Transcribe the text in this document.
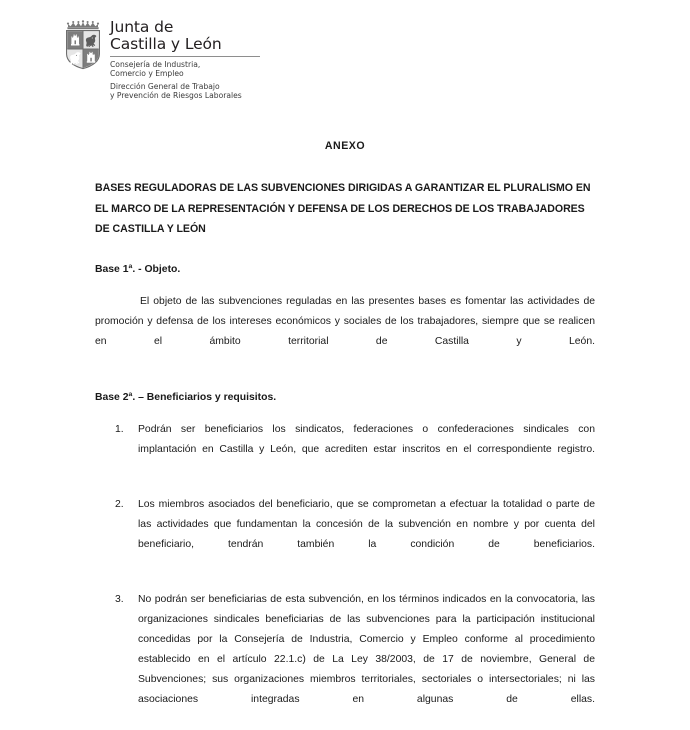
Junta de
Castilla y León
Consejería de Industria,
Comercio y Empleo
Dirección General de Trabajo
y Prevención de Riesgos Laborales
ANEXO
BASES REGULADORAS DE LAS SUBVENCIONES DIRIGIDAS A GARANTIZAR EL PLURALISMO EN EL MARCO DE LA REPRESENTACIÓN Y DEFENSA DE LOS DERECHOS DE LOS TRABAJADORES DE CASTILLA Y LEÓN
Base 1ª. - Objeto.

El objeto de las subvenciones reguladas en las presentes bases es fomentar las actividades de promoción y defensa de los intereses económicos y sociales de los trabajadores, siempre que se realicen en el ámbito territorial de Castilla y León.

Base 2ª. – Beneficiarios y requisitos.
1.	Podrán ser beneficiarios los sindicatos, federaciones o confederaciones sindicales con implantación en Castilla y León, que acrediten estar inscritos en el correspondiente registro.
2.	Los miembros asociados del beneficiario, que se comprometan a efectuar la totalidad o parte de las actividades que fundamentan la concesión de la subvención en nombre y por cuenta del beneficiario, tendrán también la condición de beneficiarios.
3.	No podrán ser beneficiarias de esta subvención, en los términos indicados en la convocatoria, las organizaciones sindicales beneficiarias de las subvenciones para la participación institucional concedidas por la Consejería de Industria, Comercio y Empleo conforme al procedimiento establecido en el artículo 22.1.c) de La Ley 38/2003, de 17 de noviembre, General de Subvenciones; sus organizaciones miembros territoriales, sectoriales o intersectoriales; ni las asociaciones integradas en algunas de ellas.
